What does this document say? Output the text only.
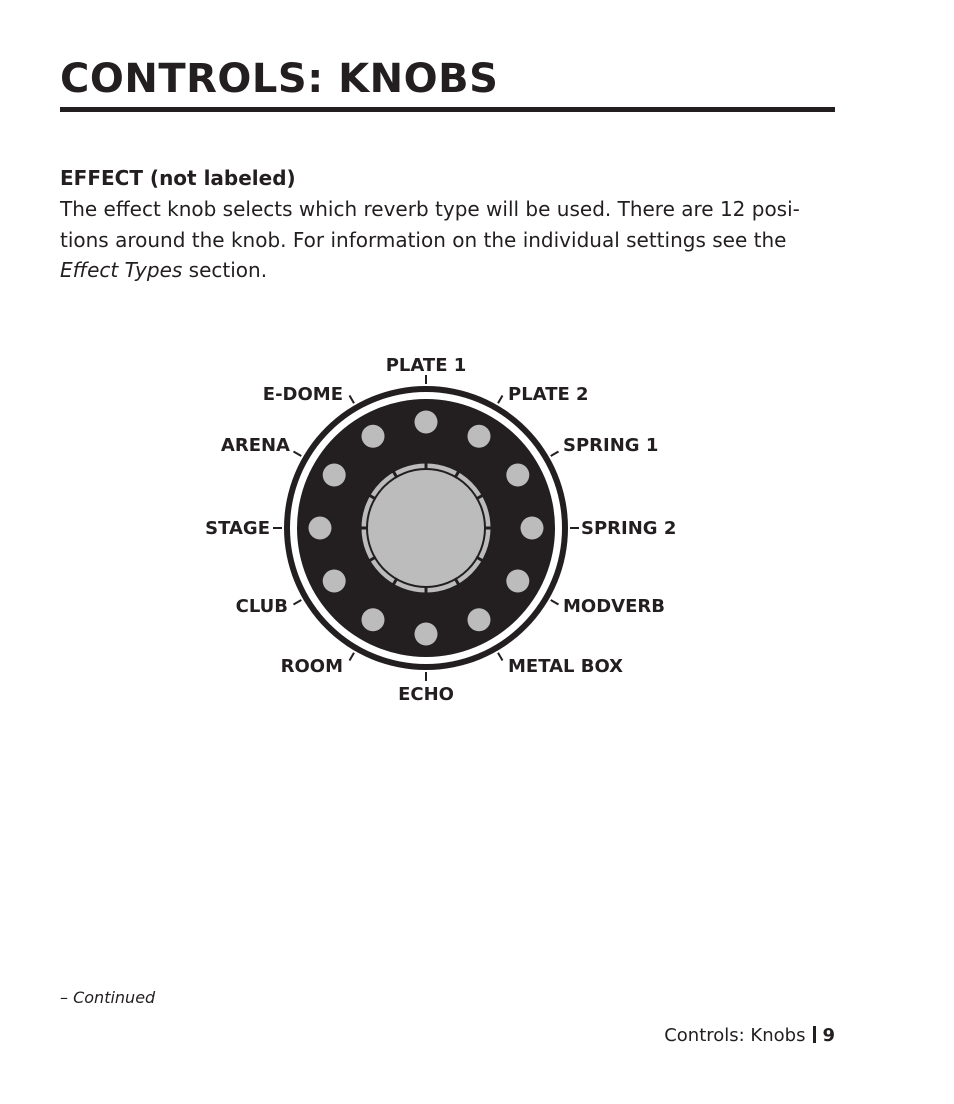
CONTROLS: KNOBS
EFFECT (not labeled)

The effect knob selects which reverb type will be used. There are 12 posi-
tions around the knob. For information on the individual settings see the
Effect Types section.

PLATE 1
PLATE 2
SPRING 1
SPRING 2
MODVERB
METAL BOX
ECHO
ROOM
CLUB
STAGE
ARENA
E-DOME

– Continued

Controls: Knobs 9
